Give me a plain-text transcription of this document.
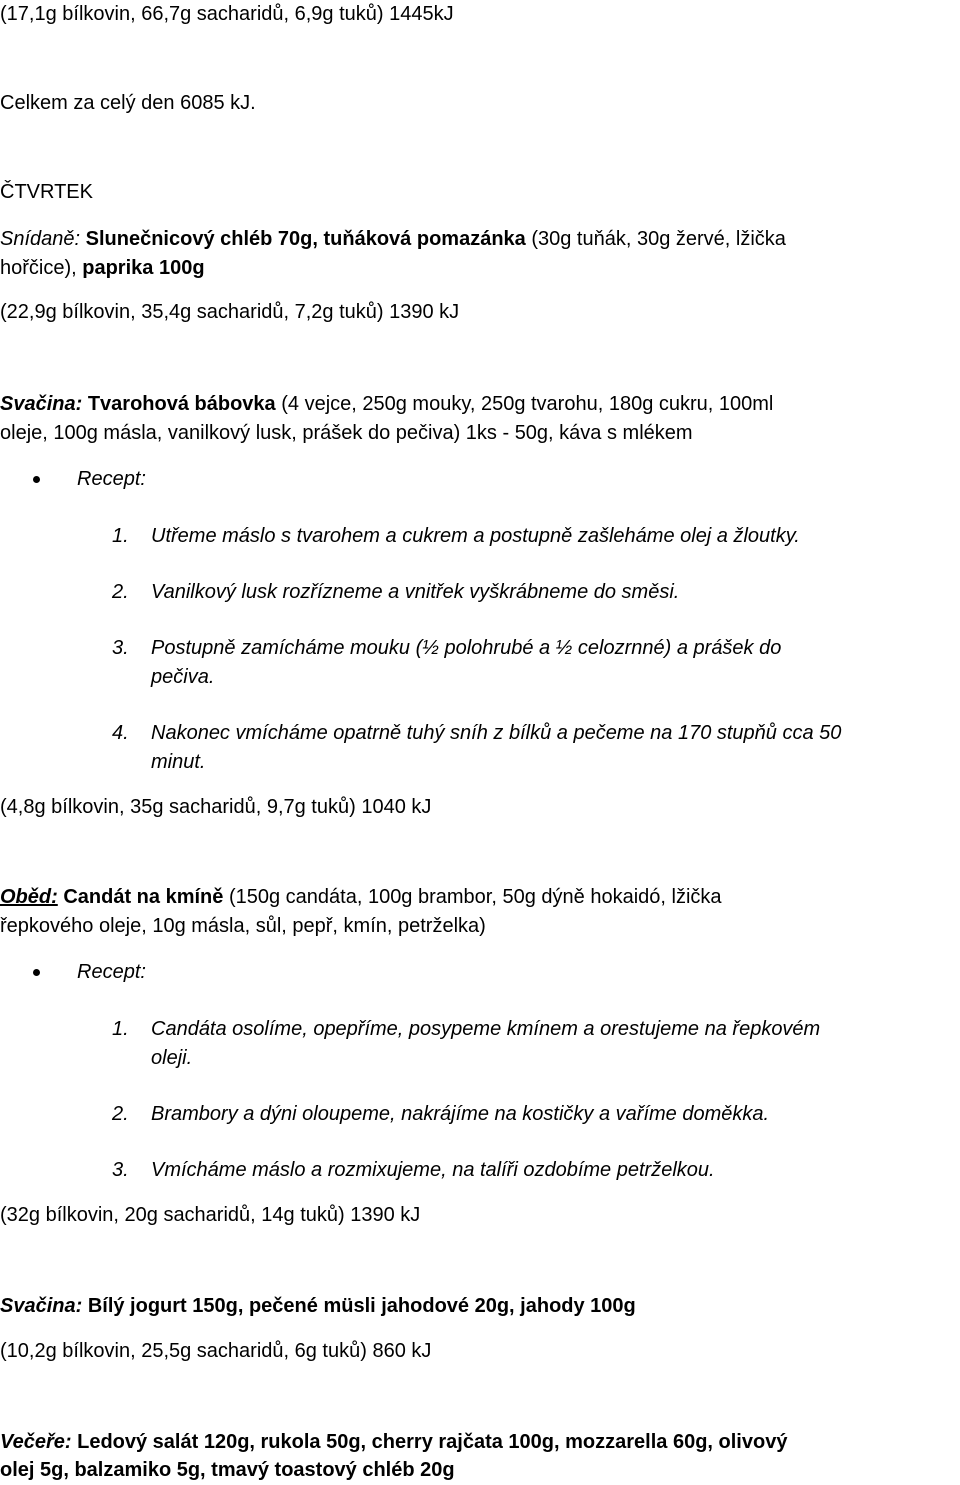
(17,1g bílkovin, 66,7g sacharidů, 6,9g tuků) 1445kJ
Celkem za celý den 6085 kJ.
ČTVRTEK
Snídaně: Slunečnicový chléb 70g, tuňáková pomazánka (30g tuňák, 30g žervé, lžička
hořčice), paprika 100g
(22,9g bílkovin, 35,4g sacharidů, 7,2g tuků) 1390 kJ
Svačina: Tvarohová bábovka (4 vejce, 250g mouky, 250g tvarohu, 180g cukru, 100ml
oleje, 100g másla, vanilkový lusk, prášek do pečiva) 1ks - 50g, káva s mlékem
Recept:
1. Utřeme máslo s tvarohem a cukrem a postupně zašleháme olej a žloutky.
2. Vanilkový lusk rozřízneme a vnitřek vyškrábneme do směsi.
3. Postupně zamícháme mouku (½ polohrubé a ½ celozrnné) a prášek do
pečiva.
4. Nakonec vmícháme opatrně tuhý sníh z bílků a pečeme na 170 stupňů cca 50
minut.
(4,8g bílkovin, 35g sacharidů, 9,7g tuků) 1040 kJ
Oběd: Candát na kmíně (150g candáta, 100g brambor, 50g dýně hokaidó, lžička
řepkového oleje, 10g másla, sůl, pepř, kmín, petrželka)
Recept:
1. Candáta osolíme, opepříme, posypeme kmínem a orestujeme na řepkovém
oleji.
2. Brambory a dýni oloupeme, nakrájíme na kostičky a vaříme doměkka.
3. Vmícháme máslo a rozmixujeme, na talíři ozdobíme petrželkou.
(32g bílkovin, 20g sacharidů, 14g tuků) 1390 kJ
Svačina: Bílý jogurt 150g, pečené müsli jahodové 20g, jahody 100g
(10,2g bílkovin, 25,5g sacharidů, 6g tuků) 860 kJ
Večeře: Ledový salát 120g, rukola 50g, cherry rajčata 100g, mozzarella 60g, olivový
olej 5g, balzamiko 5g, tmavý toastový chléb 20g
